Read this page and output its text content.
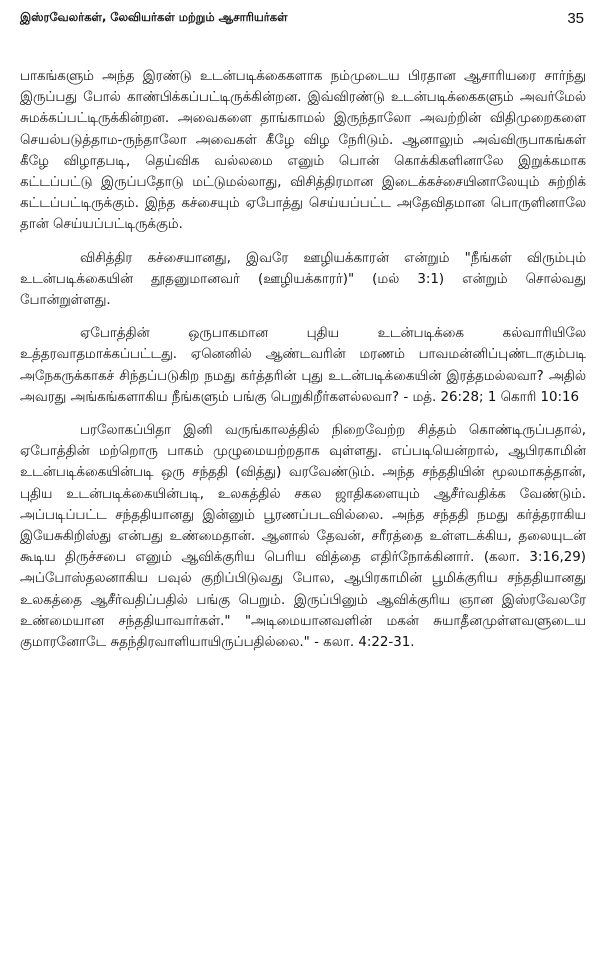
இஸ்ரவேலர்கள், லேவியர்கள் மற்றும் ஆசாரியர்கள்	35

பாகங்களும் அந்த இரண்டு உடன்படிக்கைகளாக நம்முடைய பிரதான ஆசாரியரை சார்ந்து இருப்பது போல் காண்பிக்கப்பட்டிருக்கின்றன. இவ்விரண்டு உடன்படிக்கைகளும் அவர்மேல் சுமக்கப்பட்டிருக்கின்றன. அவைகளை தாங்காமல் இருந்தாலோ அவற்றின் விதிமுறைகளை செயல்படுத்தாம-ருந்தாலோ அவைகள் கீழே விழ நேரிடும். ஆனாலும் அவ்விருபாகங்கள் கீழே விழாதபடி, தெய்விக வல்லமை எனும் பொன் கொக்கிகளினாலே இறுக்கமாக கட்டப்பட்டு இருப்பதோடு மட்டுமல்லாது, விசித்திரமான இடைக்கச்சையினாலேயும் சுற்றிக் கட்டப்பட்டிருக்கும். இந்த கச்சையும் ஏபோத்து செய்யப்பட்ட அதேவிதமான பொருளினாலே தான் செய்யப்பட்டிருக்கும்.

விசித்திர கச்சையானது, இவரே ஊழியக்காரன் என்றும் "நீங்கள் விரும்பும் உடன்படிக்கையின் தூதனுமானவர் (ஊழியக்காரர்)" (மல் 3:1) என்றும் சொல்வது போன்றுள்ளது.

ஏபோத்தின் ஒருபாகமான புதிய உடன்படிக்கை கல்வாரியிலே உத்தரவாதமாக்கப்பட்டது. ஏனெனில் ஆண்டவரின் மரணம் பாவமன்னிப்புண்டாகும்படி அநேகருக்காகச் சிந்தப்படுகிற நமது கர்த்தரின் புது உடன்படிக்கையின் இரத்தமல்லவா? அதில் அவரது அங்கங்களாகிய நீங்களும் பங்கு பெறுகிறீர்களல்லவா? - மத். 26:28; 1 கொரி 10:16

பரலோகப்பிதா இனி வருங்காலத்தில் நிறைவேற்ற சித்தம் கொண்டிருப்பதால், ஏபோத்தின் மற்றொரு பாகம் முழுமையற்றதாக வுள்ளது. எப்படியென்றால், ஆபிரகாமின் உடன்படிக்கையின்படி ஒரு சந்ததி (வித்து) வரவேண்டும். அந்த சந்ததியின் மூலமாகத்தான், புதிய உடன்படிக்கையின்படி, உலகத்தில் சகல ஜாதிகளையும் ஆசீர்வதிக்க வேண்டும். அப்படிப்பட்ட சந்ததியானது இன்னும் பூரணப்படவில்லை. அந்த சந்ததி நமது கர்த்தராகிய இயேசுகிறிஸ்து என்பது உண்மைதான். ஆனால் தேவன், சரீரத்தை உள்ளடக்கிய, தலையுடன் கூடிய திருச்சபை எனும் ஆவிக்குரிய பெரிய வித்தை எதிர்நோக்கினார். (கலா. 3:16,29) அப்போஸ்தலனாகிய பவுல் குறிப்பிடுவது போல, ஆபிரகாமின் பூமிக்குரிய சந்ததியானது உலகத்தை ஆசீர்வதிப்பதில் பங்கு பெறும். இருப்பினும் ஆவிக்குரிய ஞான இஸ்ரவேலரே உண்மையான சந்ததியாவார்கள்." "அடிமையானவளின் மகன் சுயாதீனமுள்ளவளுடைய குமாரனோடே சுதந்திரவாளியாயிருப்பதில்லை." - கலா. 4:22-31.
